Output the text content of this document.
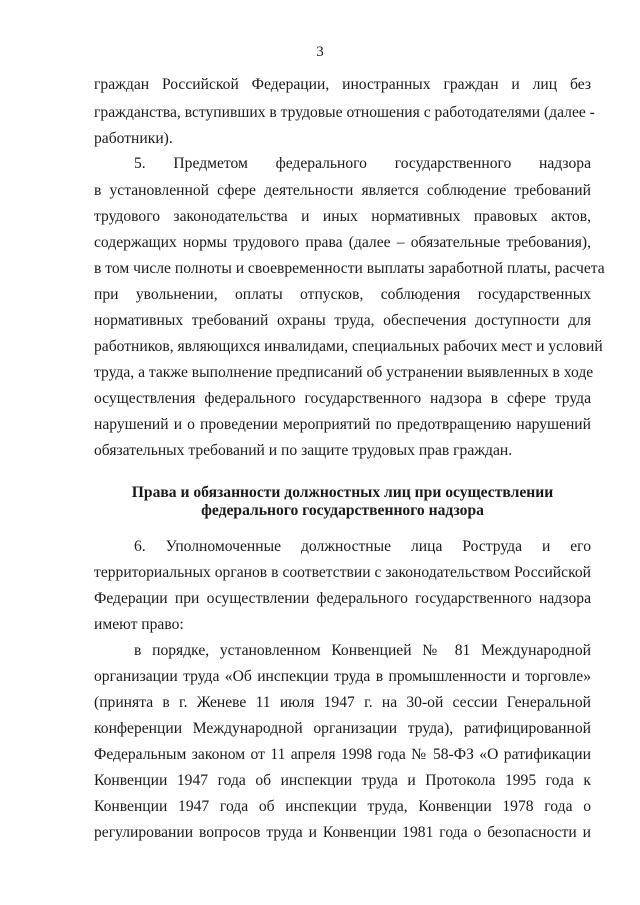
3
граждан Российской Федерации, иностранных граждан и лиц без
гражданства, вступивших в трудовые отношения с работодателями (далее -
работники).
5. Предметом федерального государственного надзора
в установленной сфере деятельности является соблюдение требований
трудового законодательства и иных нормативных правовых актов,
содержащих нормы трудового права (далее – обязательные требования),
в том числе полноты и своевременности выплаты заработной платы, расчета
при увольнении, оплаты отпусков, соблюдения государственных
нормативных требований охраны труда, обеспечения доступности для
работников, являющихся инвалидами, специальных рабочих мест и условий
труда, а также выполнение предписаний об устранении выявленных в ходе
осуществления федерального государственного надзора в сфере труда
нарушений и о проведении мероприятий по предотвращению нарушений
обязательных требований и по защите трудовых прав граждан.
Права и обязанности должностных лиц при осуществлении
федерального государственного надзора
6. Уполномоченные должностные лица Роструда и его
территориальных органов в соответствии с законодательством Российской
Федерации при осуществлении федерального государственного надзора
имеют право:
в порядке, установленном Конвенцией № 81 Международной
организации труда «Об инспекции труда в промышленности и торговле»
(принята в г. Женеве 11 июля 1947 г. на 30-ой сессии Генеральной
конференции Международной организации труда), ратифицированной
Федеральным законом от 11 апреля 1998 года № 58-ФЗ «О ратификации
Конвенции 1947 года об инспекции труда и Протокола 1995 года к
Конвенции 1947 года об инспекции труда, Конвенции 1978 года о
регулировании вопросов труда и Конвенции 1981 года о безопасности и
